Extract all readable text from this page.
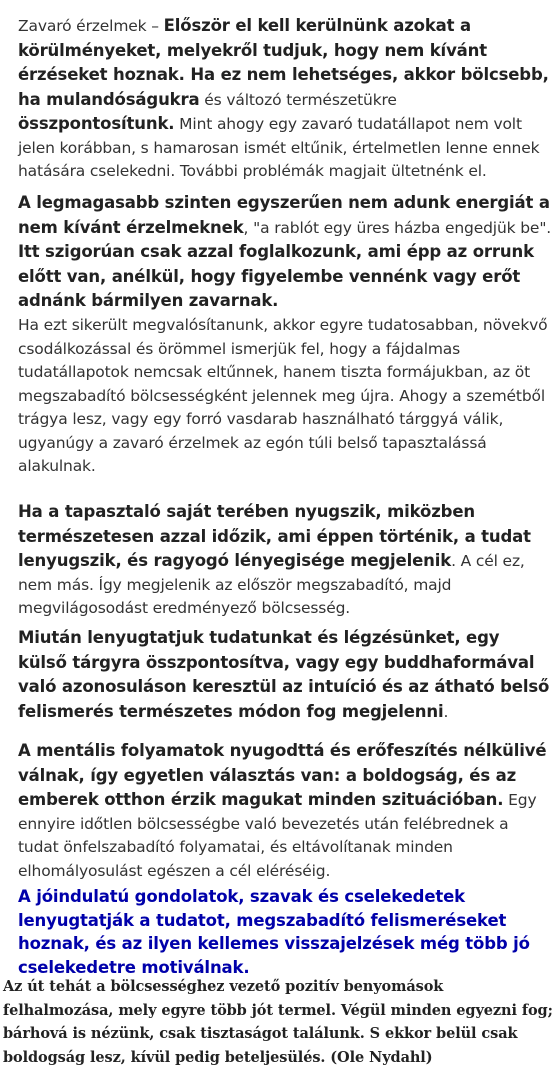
Zavaró érzelmek – Először el kell kerülnünk azokat a körülményeket, melyekről tudjuk, hogy nem kívánt érzéseket hoznak. Ha ez nem lehetséges, akkor bölcsebb, ha mulandóságukra és változó természetükre összpontosítunk. Mint ahogy egy zavaró tudatállapot nem volt jelen korábban, s hamarosan ismét eltűnik, értelmetlen lenne ennek hatására cselekedni. További problémák magjait ültetnénk el.

A legmagasabb szinten egyszerűen nem adunk energiát a nem kívánt érzelmeknek, "a rablót egy üres házba engedjük be". Itt szigorúan csak azzal foglalkozunk, ami épp az orrunk előtt van, anélkül, hogy figyelembe vennénk vagy erőt adnánk bármilyen zavarnak.

Ha ezt sikerült megvalósítanunk, akkor egyre tudatosabban, növekvő csodálkozással és örömmel ismerjük fel, hogy a fájdalmas tudatállapotok nemcsak eltűnnek, hanem tiszta formájukban, az öt megszabadító bölcsességként jelennek meg újra. Ahogy a szemétből trágya lesz, vagy egy forró vasdarab használható tárggyá válik, ugyanúgy a zavaró érzelmek az egón túli belső tapasztalássá alakulnak.

Ha a tapasztaló saját terében nyugszik, miközben természetesen azzal időzik, ami éppen történik, a tudat lenyugszik, és ragyogó lényegisége megjelenik. A cél ez, nem más. Így megjelenik az először megszabadító, majd megvilágosodást eredményező bölcsesség.

Miután lenyugtatjuk tudatunkat és légzésünket, egy külső tárgyra összpontosítva, vagy egy buddhaformával való azonosuláson keresztül az intuíció és az átható belső felismerés természetes módon fog megjelenni.

A mentális folyamatok nyugodttá és erőfeszítés nélkülivé válnak, így egyetlen választás van: a boldogság, és az emberek otthon érzik magukat minden szituációban. Egy ennyire időtlen bölcsességbe való bevezetés után felébrednek a tudat önfelszabadító folyamatai, és eltávolítanak minden elhomályosulást egészen a cél eléréséig.

A jóindulatú gondolatok, szavak és cselekedetek lenyugtatják a tudatot, megszabadító felismeréseket hoznak, és az ilyen kellemes visszajelzések még több jó cselekedetre motiválnak.

Az út tehát a bölcsességhez vezető pozitív benyomások felhalmozása, mely egyre több jót termel. Végül minden egyezni fog; bárhová is nézünk, csak tisztaságot találunk. S ekkor belül csak boldogság lesz, kívül pedig beteljesülés. (Ole Nydahl)
